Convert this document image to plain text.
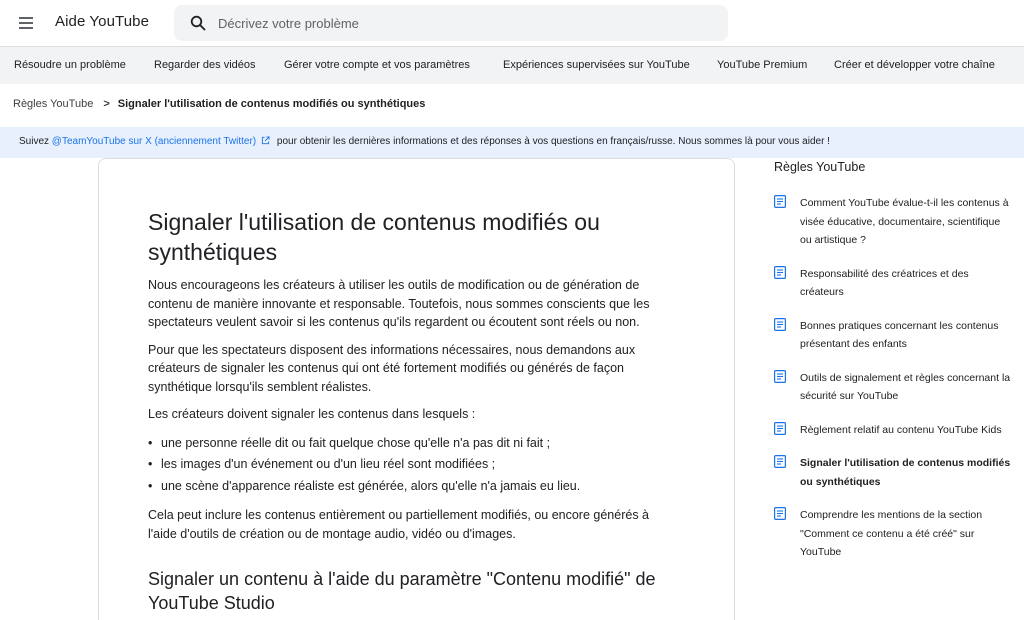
Aide YouTube
Décrivez votre problème
Résoudre un problème	Regarder des vidéos	Gérer votre compte et vos paramètres	Expériences supervisées sur YouTube YouTube Premium Créer et développer votre chaîne
Règles YouTube > Signaler l'utilisation de contenus modifiés ou synthétiques
Suivez @TeamYouTube sur X (anciennement Twitter) pour obtenir les dernières informations et des réponses à vos questions en français/russe. Nous sommes là pour vous aider !
Signaler l'utilisation de contenus modifiés ou synthétiques

Nous encourageons les créateurs à utiliser les outils de modification ou de génération de contenu de manière innovante et responsable. Toutefois, nous sommes conscients que les spectateurs veulent savoir si les contenus qu'ils regardent ou écoutent sont réels ou non.

Pour que les spectateurs disposent des informations nécessaires, nous demandons aux créateurs de signaler les contenus qui ont été fortement modifiés ou générés de façon synthétique lorsqu'ils semblent réalistes.

Les créateurs doivent signaler les contenus dans lesquels :

• une personne réelle dit ou fait quelque chose qu'elle n'a pas dit ni fait ;
• les images d'un événement ou d'un lieu réel sont modifiées ;
• une scène d'apparence réaliste est générée, alors qu'elle n'a jamais eu lieu.

Cela peut inclure les contenus entièrement ou partiellement modifiés, ou encore générés à l'aide d'outils de création ou de montage audio, vidéo ou d'images.

Signaler un contenu à l'aide du paramètre "Contenu modifié" de YouTube Studio
Règles YouTube
Comment YouTube évalue-t-il les contenus à visée éducative, documentaire, scientifique ou artistique ?
Responsabilité des créatrices et des créateurs
Bonnes pratiques concernant les contenus présentant des enfants
Outils de signalement et règles concernant la sécurité sur YouTube
Règlement relatif au contenu YouTube Kids
Signaler l'utilisation de contenus modifiés ou synthétiques
Comprendre les mentions de la section "Comment ce contenu a été créé" sur YouTube
